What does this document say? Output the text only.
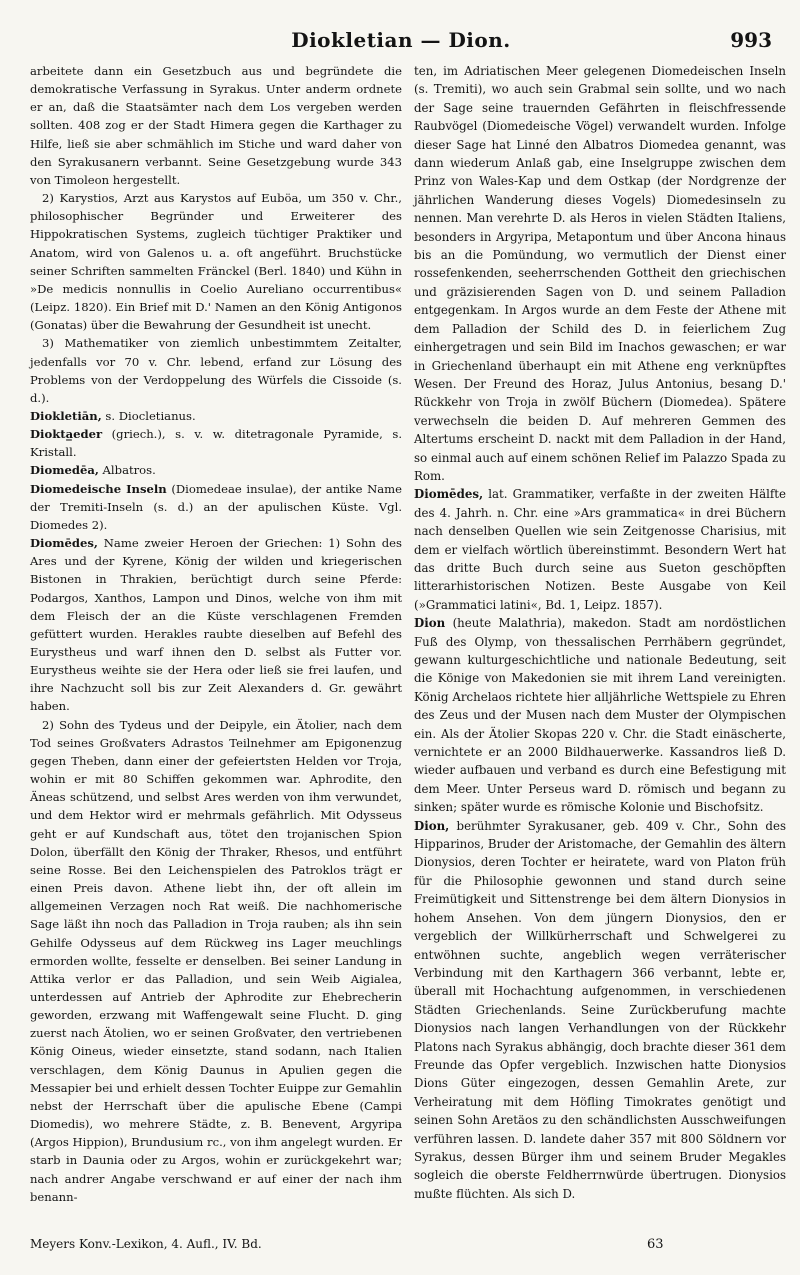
Diokletian — Dion.	993

arbeitete dann ein Gesetzbuch aus und begründete die demokratische Verfassung in Syrakus. Unter anderm ordnete er an, daß die Staatsämter nach dem Los vergeben werden sollten. 408 zog er der Stadt Himera gegen die Karthager zu Hilfe, ließ sie aber schmählich im Stiche und ward daher von den Syrakusanern verbannt. Seine Gesetzgebung wurde 343 von Timoleon hergestellt.

2) Karystios, Arzt aus Karystos auf Euböa, um 350 v. Chr., philosophischer Begründer und Erweiterer des Hippokratischen Systems, zugleich tüchtiger Praktiker und Anatom, wird von Galenos u. a. oft angeführt. Bruchstücke seiner Schriften sammelten Fränckel (Berl. 1840) und Kühn in »De medicis nonnullis in Coelio Aureliano occurrentibus« (Leipz. 1820). Ein Brief mit D.' Namen an den König Antigonos (Gonatas) über die Bewahrung der Gesundheit ist unecht.

3) Mathematiker von ziemlich unbestimmtem Zeitalter, jedenfalls vor 70 v. Chr. lebend, erfand zur Lösung des Problems von der Verdoppelung des Würfels die Cissoide (s. d.).

Diokletiān, s. Diocletianus.

Diokta̲eder (griech.), s. v. w. ditetragonale Pyramide, s. Kristall.

Diomedēa, Albatros.

Diomedeische Inseln (Diomedeae insulae), der antike Name der Tremiti-Inseln (s. d.) an der apulischen Küste. Vgl. Diomedes 2).

Diomēdes, Name zweier Heroen der Griechen: 1) Sohn des Ares und der Kyrene, König der wilden und kriegerischen Bistonen in Thrakien, berüchtigt durch seine Pferde: Podargos, Xanthos, Lampon und Dinos, welche von ihm mit dem Fleisch der an die Küste verschlagenen Fremden gefüttert wurden. Herakles raubte dieselben auf Befehl des Eurystheus und warf ihnen den D. selbst als Futter vor. Eurystheus weihte sie der Hera oder ließ sie frei laufen, und ihre Nachzucht soll bis zur Zeit Alexanders d. Gr. gewährt haben.

2) Sohn des Tydeus und der Deipyle, ein Ätolier, nach dem Tod seines Großvaters Adrastos Teilnehmer am Epigonenzug gegen Theben, dann einer der gefeiertsten Helden vor Troja, wohin er mit 80 Schiffen gekommen war. Aphrodite, den Äneas schützend, und selbst Ares werden von ihm verwundet, und dem Hektor wird er mehrmals gefährlich. Mit Odysseus geht er auf Kundschaft aus, tötet den trojanischen Spion Dolon, überfällt den König der Thraker, Rhesos, und entführt seine Rosse. Bei den Leichenspielen des Patroklos trägt er einen Preis davon. Athene liebt ihn, der oft allein im allgemeinen Verzagen noch Rat weiß. Die nachhomerische Sage läßt ihn noch das Palladion in Troja rauben; als ihn sein Gehilfe Odysseus auf dem Rückweg ins Lager meuchlings ermorden wollte, fesselte er denselben. Bei seiner Landung in Attika verlor er das Palladion, und sein Weib Aigialea, unterdessen auf Antrieb der Aphrodite zur Ehebrecherin geworden, erzwang mit Waffengewalt seine Flucht. D. ging zuerst nach Ätolien, wo er seinen Großvater, den vertriebenen König Oineus, wieder einsetzte, stand sodann, nach Italien verschlagen, dem König Daunus in Apulien gegen die Messapier bei und erhielt dessen Tochter Euippe zur Gemahlin nebst der Herrschaft über die apulische Ebene (Campi Diomedis), wo mehrere Städte, z. B. Benevent, Argyripa (Argos Hippion), Brundusium rc., von ihm angelegt wurden. Er starb in Daunia oder zu Argos, wohin er zurückgekehrt war; nach andrer Angabe verschwand er auf einer der nach ihm benann-

ten, im Adriatischen Meer gelegenen Diomedeischen Inseln (s. Tremiti), wo auch sein Grabmal sein sollte, und wo nach der Sage seine trauernden Gefährten in fleischfressende Raubvögel (Diomedeische Vögel) verwandelt wurden. Infolge dieser Sage hat Linné den Albatros Diomedea genannt, was dann wiederum Anlaß gab, eine Inselgruppe zwischen dem Prinz von Wales-Kap und dem Ostkap (der Nordgrenze der jährlichen Wanderung dieses Vogels) Diomedesinseln zu nennen. Man verehrte D. als Heros in vielen Städten Italiens, besonders in Argyripa, Metapontum und über Ancona hinaus bis an die Pomündung, wo vermutlich der Dienst einer rossefenkenden, seeherrschenden Gottheit den griechischen und gräzisierenden Sagen von D. und seinem Palladion entgegenkam. In Argos wurde an dem Feste der Athene mit dem Palladion der Schild des D. in feierlichem Zug einhergetragen und sein Bild im Inachos gewaschen; er war in Griechenland überhaupt ein mit Athene eng verknüpftes Wesen. Der Freund des Horaz, Julus Antonius, besang D.' Rückkehr von Troja in zwölf Büchern (Diomedea). Spätere verwechseln die beiden D. Auf mehreren Gemmen des Altertums erscheint D. nackt mit dem Palladion in der Hand, so einmal auch auf einem schönen Relief im Palazzo Spada zu Rom.

Diomēdes, lat. Grammatiker, verfaßte in der zweiten Hälfte des 4. Jahrh. n. Chr. eine »Ars grammatica« in drei Büchern nach denselben Quellen wie sein Zeitgenosse Charisius, mit dem er vielfach wörtlich übereinstimmt. Besondern Wert hat das dritte Buch durch seine aus Sueton geschöpften litterarhistorischen Notizen. Beste Ausgabe von Keil (»Grammatici latini«, Bd. 1, Leipz. 1857).

Dion (heute Malathria), makedon. Stadt am nordöstlichen Fuß des Olymp, von thessalischen Perrhäbern gegründet, gewann kulturgeschichtliche und nationale Bedeutung, seit die Könige von Makedonien sie mit ihrem Land vereinigten. König Archelaos richtete hier alljährliche Wettspiele zu Ehren des Zeus und der Musen nach dem Muster der Olympischen ein. Als der Ätolier Skopas 220 v. Chr. die Stadt einäscherte, vernichtete er an 2000 Bildhauerwerke. Kassandros ließ D. wieder aufbauen und verband es durch eine Befestigung mit dem Meer. Unter Perseus ward D. römisch und begann zu sinken; später wurde es römische Kolonie und Bischofsitz.

Dion, berühmter Syrakusaner, geb. 409 v. Chr., Sohn des Hipparinos, Bruder der Aristomache, der Gemahlin des ältern Dionysios, deren Tochter er heiratete, ward von Platon früh für die Philosophie gewonnen und stand durch seine Freimütigkeit und Sittenstrenge bei dem ältern Dionysios in hohem Ansehen. Von dem jüngern Dionysios, den er vergeblich der Willkürherrschaft und Schwelgerei zu entwöhnen suchte, angeblich wegen verräterischer Verbindung mit den Karthagern 366 verbannt, lebte er, überall mit Hochachtung aufgenommen, in verschiedenen Städten Griechenlands. Seine Zurückberufung machte Dionysios nach langen Verhandlungen von der Rückkehr Platons nach Syrakus abhängig, doch brachte dieser 361 dem Freunde das Opfer vergeblich. Inzwischen hatte Dionysios Dions Güter eingezogen, dessen Gemahlin Arete, zur Verheiratung mit dem Höfling Timokrates genötigt und seinen Sohn Aretäos zu den schändlichsten Ausschweifungen verführen lassen. D. landete daher 357 mit 800 Söldnern vor Syrakus, dessen Bürger ihm und seinem Bruder Megakles sogleich die oberste Feldherrnwürde übertrugen. Dionysios mußte flüchten. Als sich D.

Meyers Konv.-Lexikon, 4. Aufl., IV. Bd.	63
